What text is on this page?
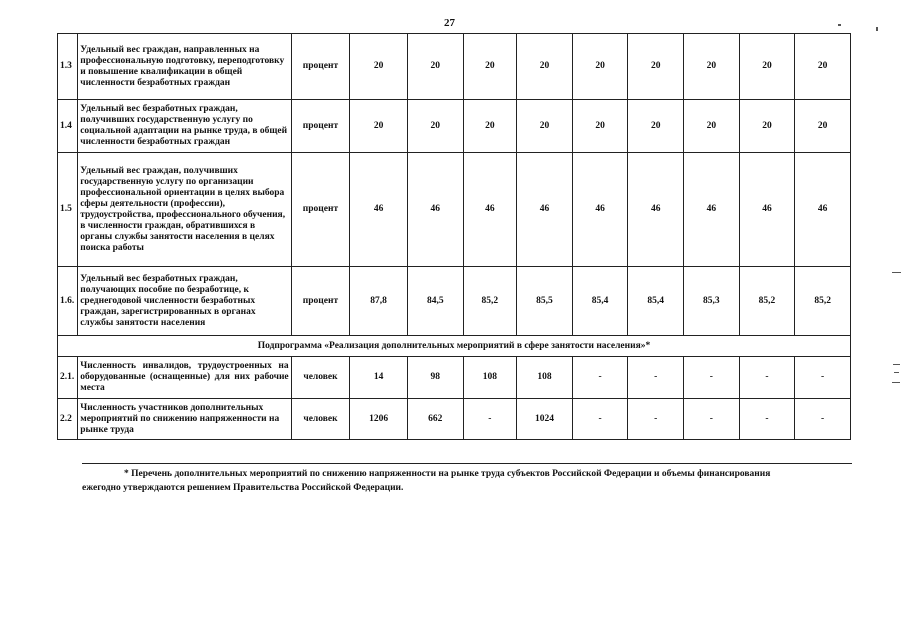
27
1.3	Удельный вес граждан, направленных на профессиональную подготовку, переподготовку и повышение квалификации в общей численности безработных граждан	процент	20	20	20	20	20	20	20	20	20
1.4	Удельный вес безработных граждан, получивших государственную услугу по социальной адаптации на рынке труда, в общей численности безработных граждан	процент	20	20	20	20	20	20	20	20	20
1.5	Удельный вес граждан, получивших государственную услугу по организации профессиональной ориентации в целях выбора сферы деятельности (профессии), трудоустройства, профессионального обучения, в численности граждан, обратившихся в органы службы занятости населения в целях поиска работы	процент	46	46	46	46	46	46	46	46	46
1.6.	Удельный вес безработных граждан, получающих пособие по безработице, к среднегодовой численности безработных граждан, зарегистрированных в органах службы занятости населения	процент	87,8	84,5	85,2	85,5	85,4	85,4	85,3	85,2	85,2
Подпрограмма «Реализация дополнительных мероприятий в сфере занятости населения»*											
2.1.	Численность инвалидов, трудоустроенных на оборудованные (оснащенные) для них рабочие места	человек	14	98	108	108	-	-	-	-	-
2.2	Численность участников дополнительных мероприятий по снижению напряженности на рынке труда	человек	1206	662	-	1024	-	-	-	-	-
* Перечень дополнительных мероприятий по снижению напряженности на рынке труда субъектов Российской Федерации и объемы финансирования
ежегодно утверждаются решением Правительства Российской Федерации.
